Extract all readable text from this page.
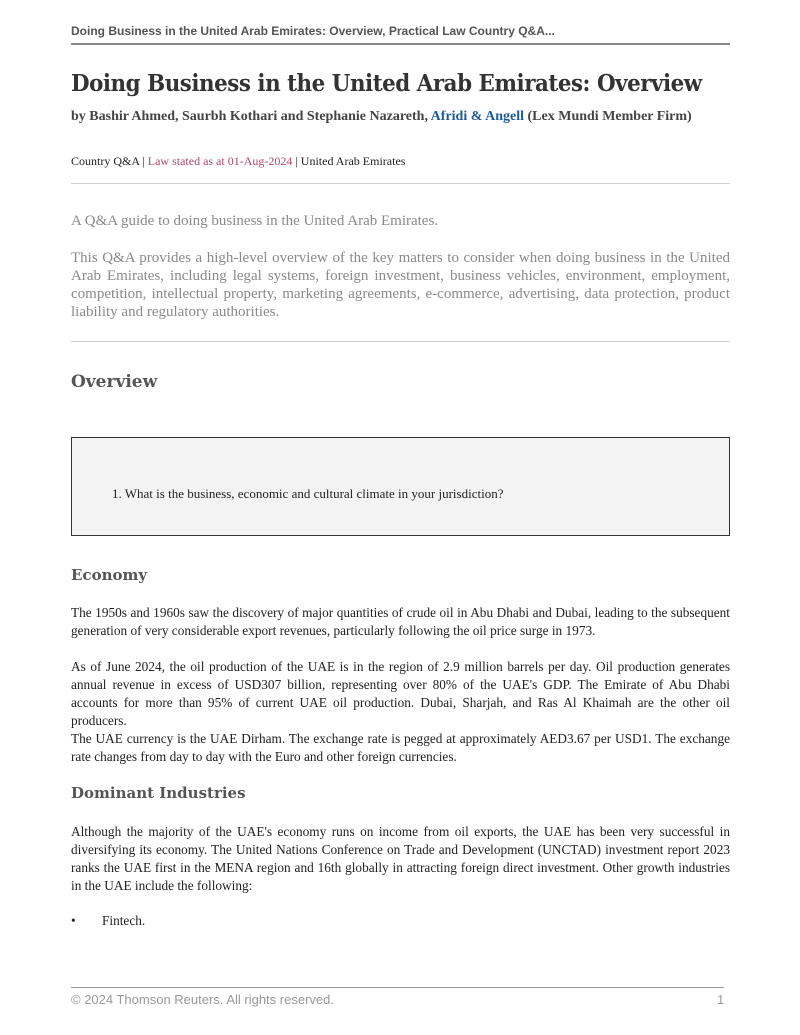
Doing Business in the United Arab Emirates: Overview, Practical Law Country Q&A...
Doing Business in the United Arab Emirates: Overview
by Bashir Ahmed, Saurbh Kothari and Stephanie Nazareth, Afridi & Angell (Lex Mundi Member Firm)
Country Q&A | Law stated as at 01-Aug-2024 | United Arab Emirates

A Q&A guide to doing business in the United Arab Emirates.

This Q&A provides a high-level overview of the key matters to consider when doing business in the United Arab Emirates, including legal systems, foreign investment, business vehicles, environment, employment, competition, intellectual property, marketing agreements, e-commerce, advertising, data protection, product liability and regulatory authorities.

Overview
1. What is the business, economic and cultural climate in your jurisdiction?
Economy

The 1950s and 1960s saw the discovery of major quantities of crude oil in Abu Dhabi and Dubai, leading to the subsequent generation of very considerable export revenues, particularly following the oil price surge in 1973.

As of June 2024, the oil production of the UAE is in the region of 2.9 million barrels per day. Oil production generates annual revenue in excess of USD307 billion, representing over 80% of the UAE's GDP. The Emirate of Abu Dhabi accounts for more than 95% of current UAE oil production. Dubai, Sharjah, and Ras Al Khaimah are the other oil producers.

The UAE currency is the UAE Dirham. The exchange rate is pegged at approximately AED3.67 per USD1. The exchange rate changes from day to day with the Euro and other foreign currencies.

Dominant Industries

Although the majority of the UAE's economy runs on income from oil exports, the UAE has been very successful in diversifying its economy. The United Nations Conference on Trade and Development (UNCTAD) investment report 2023 ranks the UAE first in the MENA region and 16th globally in attracting foreign direct investment. Other growth industries in the UAE include the following:

• Fintech.
© 2024 Thomson Reuters. All rights reserved.	1
